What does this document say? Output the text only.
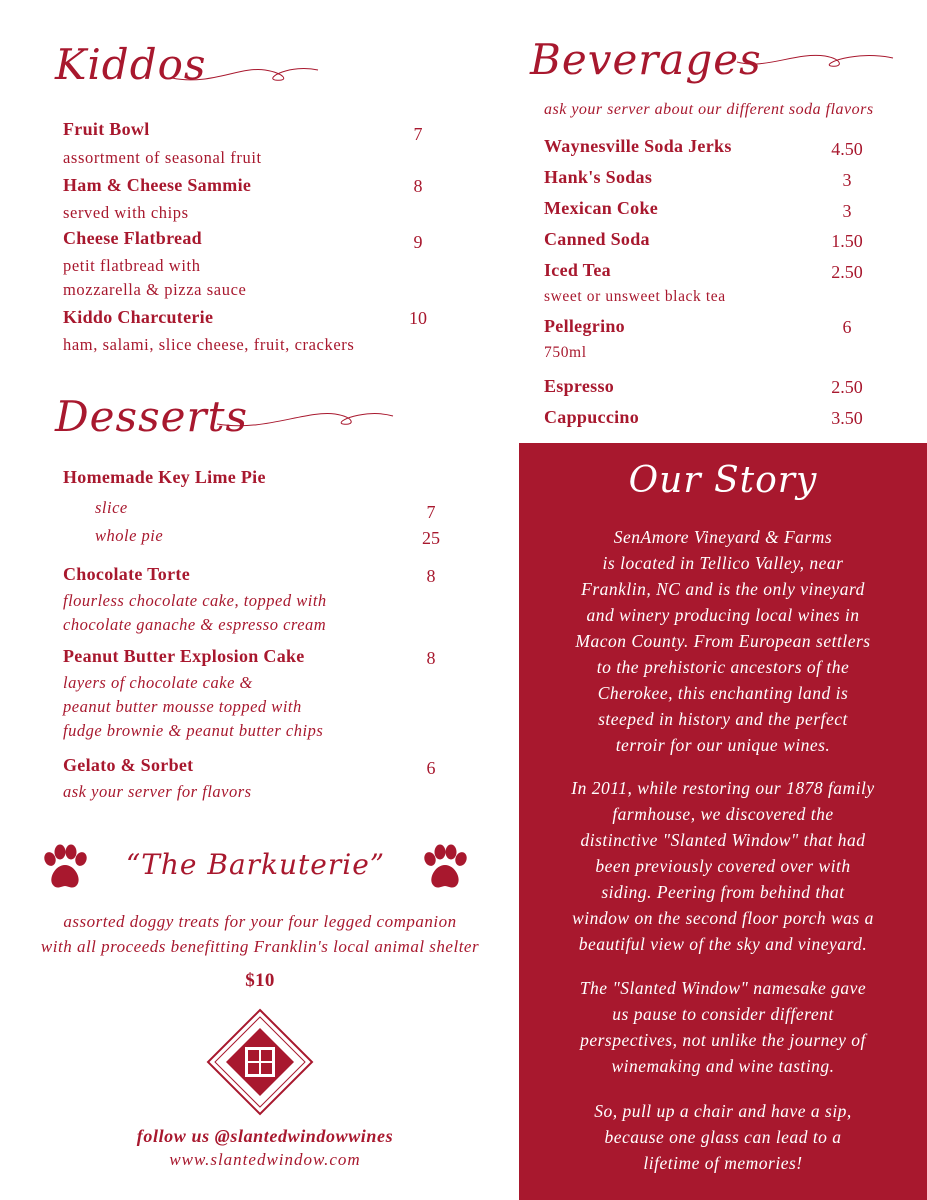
Kiddos
Fruit Bowl	7
assortment of seasonal fruit
Ham & Cheese Sammie	8
served with chips
Cheese Flatbread	9
petit flatbread with
mozzarella & pizza sauce
Kiddo Charcuterie	10
ham, salami, slice cheese, fruit, crackers
Desserts
Homemade Key Lime Pie
slice	7
whole pie	25
Chocolate Torte	8
flourless chocolate cake, topped with
chocolate ganache & espresso cream
Peanut Butter Explosion Cake	8
layers of chocolate cake &
peanut butter mousse topped with
fudge brownie & peanut butter chips
Gelato & Sorbet	6
ask your server for flavors
“The Barkuterie”
assorted doggy treats for your four legged companion
with all proceeds benefitting Franklin's local animal shelter
$10
follow us @slantedwindowwines
www.slantedwindow.com
Beverages
ask your server about our different soda flavors
Waynesville Soda Jerks	4.50
Hank's Sodas	3
Mexican Coke	3
Canned Soda	1.50
Iced Tea	2.50
sweet or unsweet black tea
Pellegrino	6
750ml
Espresso	2.50
Cappuccino	3.50
Our Story
SenAmore Vineyard & Farms
is located in Tellico Valley, near
Franklin, NC and is the only vineyard
and winery producing local wines in
Macon County. From European settlers
to the prehistoric ancestors of the
Cherokee, this enchanting land is
steeped in history and the perfect
terroir for our unique wines.
In 2011, while restoring our 1878 family
farmhouse, we discovered the
distinctive "Slanted Window" that had
been previously covered over with
siding. Peering from behind that
window on the second floor porch was a
beautiful view of the sky and vineyard.
The "Slanted Window" namesake gave
us pause to consider different
perspectives, not unlike the journey of
winemaking and wine tasting.
So, pull up a chair and have a sip,
because one glass can lead to a
lifetime of memories!
